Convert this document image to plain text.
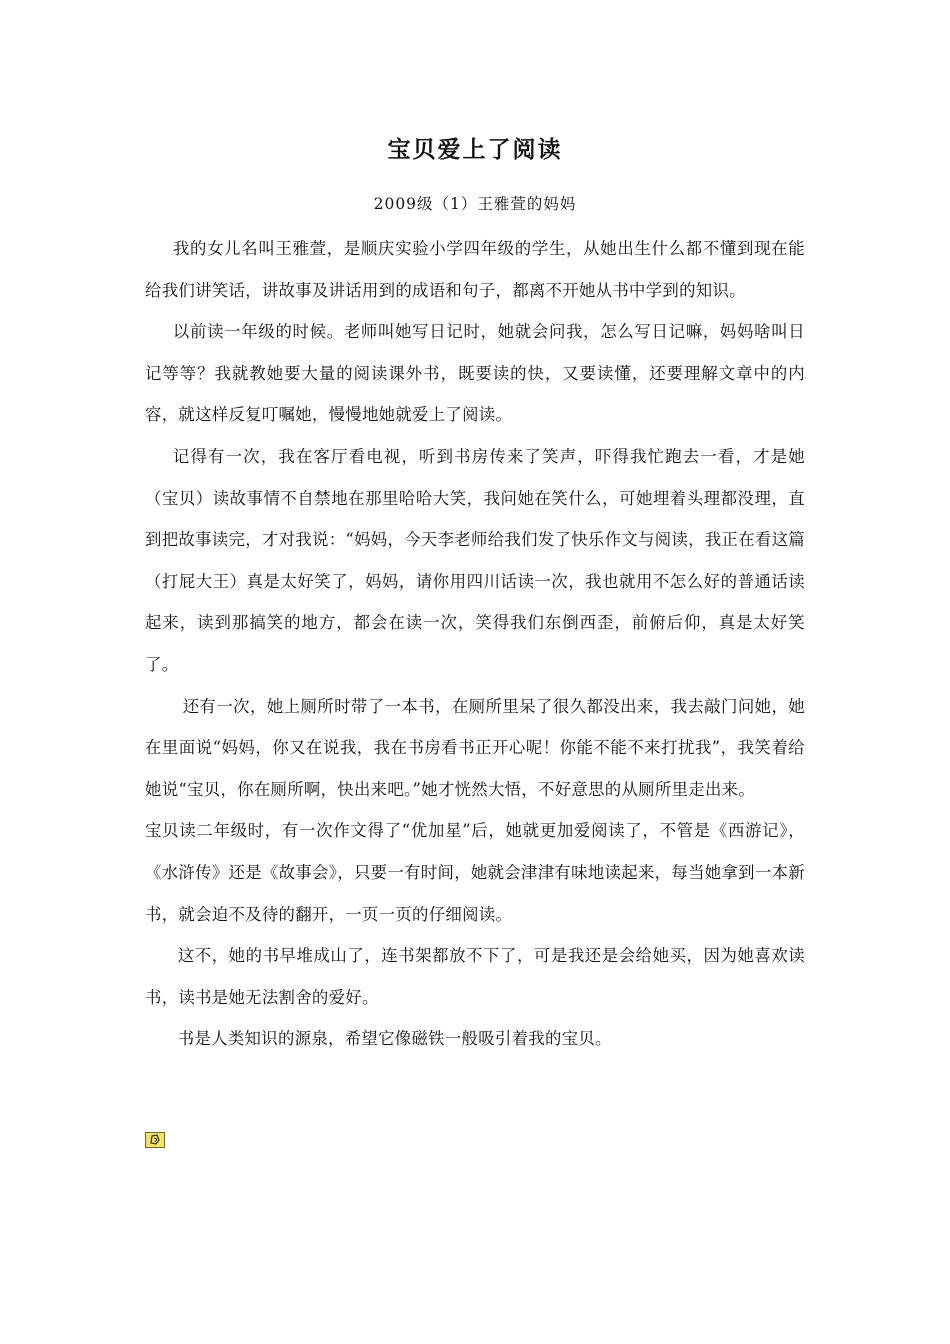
宝贝爱上了阅读

2009级（1）王雅萱的妈妈

我的女儿名叫王雅萱，是顺庆实验小学四年级的学生，从她出生什么都不懂到现在能给我们讲笑话，讲故事及讲话用到的成语和句子，都离不开她从书中学到的知识。

以前读一年级的时候。老师叫她写日记时，她就会问我，怎么写日记嘛，妈妈啥叫日记等等？我就教她要大量的阅读课外书，既要读的快，又要读懂，还要理解文章中的内容，就这样反复叮嘱她，慢慢地她就爱上了阅读。

记得有一次，我在客厅看电视，听到书房传来了笑声，吓得我忙跑去一看，才是她（宝贝）读故事情不自禁地在那里哈哈大笑，我问她在笑什么，可她埋着头理都没理，直到把故事读完，才对我说：“妈妈，今天李老师给我们发了快乐作文与阅读，我正在看这篇（打屁大王）真是太好笑了，妈妈，请你用四川话读一次，我也就用不怎么好的普通话读起来，读到那搞笑的地方，都会在读一次，笑得我们东倒西歪，前俯后仰，真是太好笑了。

还有一次，她上厕所时带了一本书，在厕所里呆了很久都没出来，我去敲门问她，她在里面说“妈妈，你又在说我，我在书房看书正开心呢！你能不能不来打扰我”，我笑着给她说“宝贝，你在厕所啊，快出来吧。”她才恍然大悟，不好意思的从厕所里走出来。

宝贝读二年级时，有一次作文得了“优加星”后，她就更加爱阅读了，不管是《西游记》，《水浒传》还是《故事会》，只要一有时间，她就会津津有味地读起来，每当她拿到一本新书，就会迫不及待的翻开，一页一页的仔细阅读。

这不，她的书早堆成山了，连书架都放不下了，可是我还是会给她买，因为她喜欢读书，读书是她无法割舍的爱好。

书是人类知识的源泉，希望它像磁铁一般吸引着我的宝贝。
